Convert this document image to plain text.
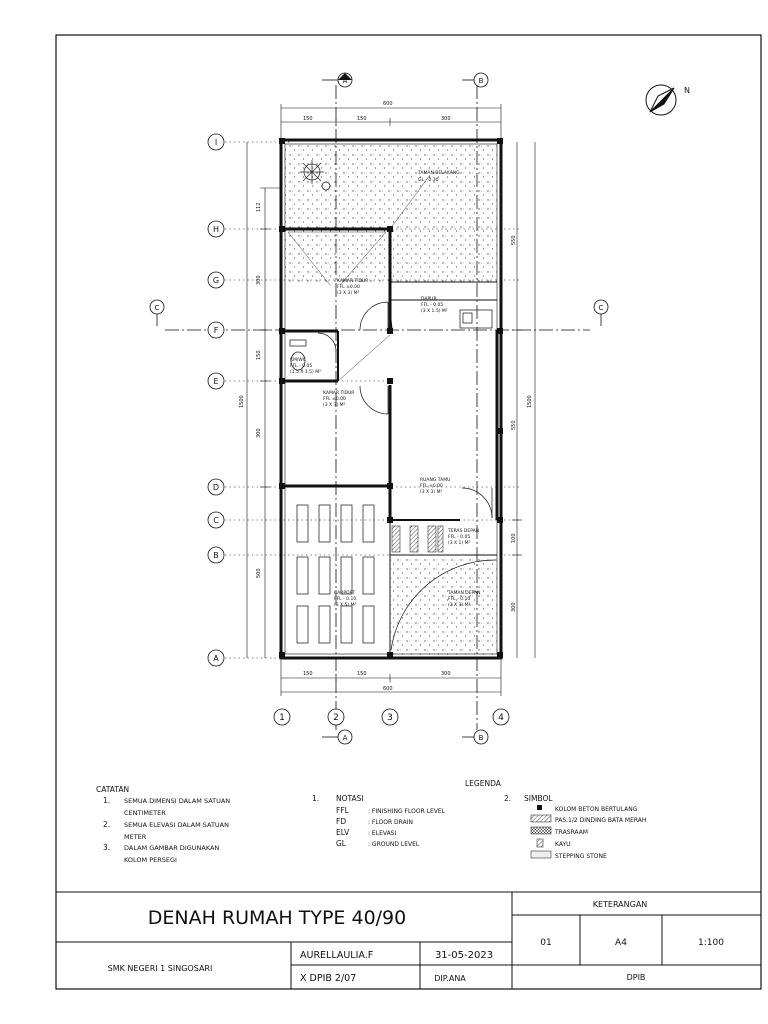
TAMAN BELAKANG
GL - 0.30
KAMAR TIDUR
FFL ±0.00
(3 X 3) M²
DAPUR
FFL - 0.05
(3 X 1.5) M²
KM/WC
FFL - 0.05
(1.5 X 1.5) M²
KAMAR TIDUR
FFL ±0.00
(3 X 3) M²
RUANG TAMU
FFL ±0.00
(3 X 3) M²
TERAS DEPAN
FFL - 0.05
(3 X 1) M²
CARPORT
FFL - 0.10
(3 X 5) M²
TAMAN DEPAN
FFL - 0.10
(3 X 3) M²
600
150	150	300
150	150	300
600
112
300
150
1500
300
500
550
1500
550
100
300
I
H
G
F
E
D
C
B
A
1	2	3	4
A	B
A	B
C	C
N
CATATAN
1. SEMUA DIMENSI DALAM SATUAN
CENTIMETER
2. SEMUA ELEVASI DALAM SATUAN
METER
3. DALAM GAMBAR DIGUNAKAN
KOLOM PERSEGI
LEGENDA
1. NOTASI
FFL	: FINISHING FLOOR LEVEL
FD	: FLOOR DRAIN
ELV	: ELEVASI
GL	: GROUND LEVEL
2. SIMBOL
KOLOM BETON BERTULANG
PAS.1/2 DINDING BATA MERAH
TRASRAAM
KAYU
STEPPING STONE
DENAH RUMAH TYPE 40/90
SMK NEGERI 1 SINGOSARI
AURELLAULIA.F	31-05-2023
X DPIB 2/07	DIP.ANA
KETERANGAN
01	A4	1:100
DPIB
